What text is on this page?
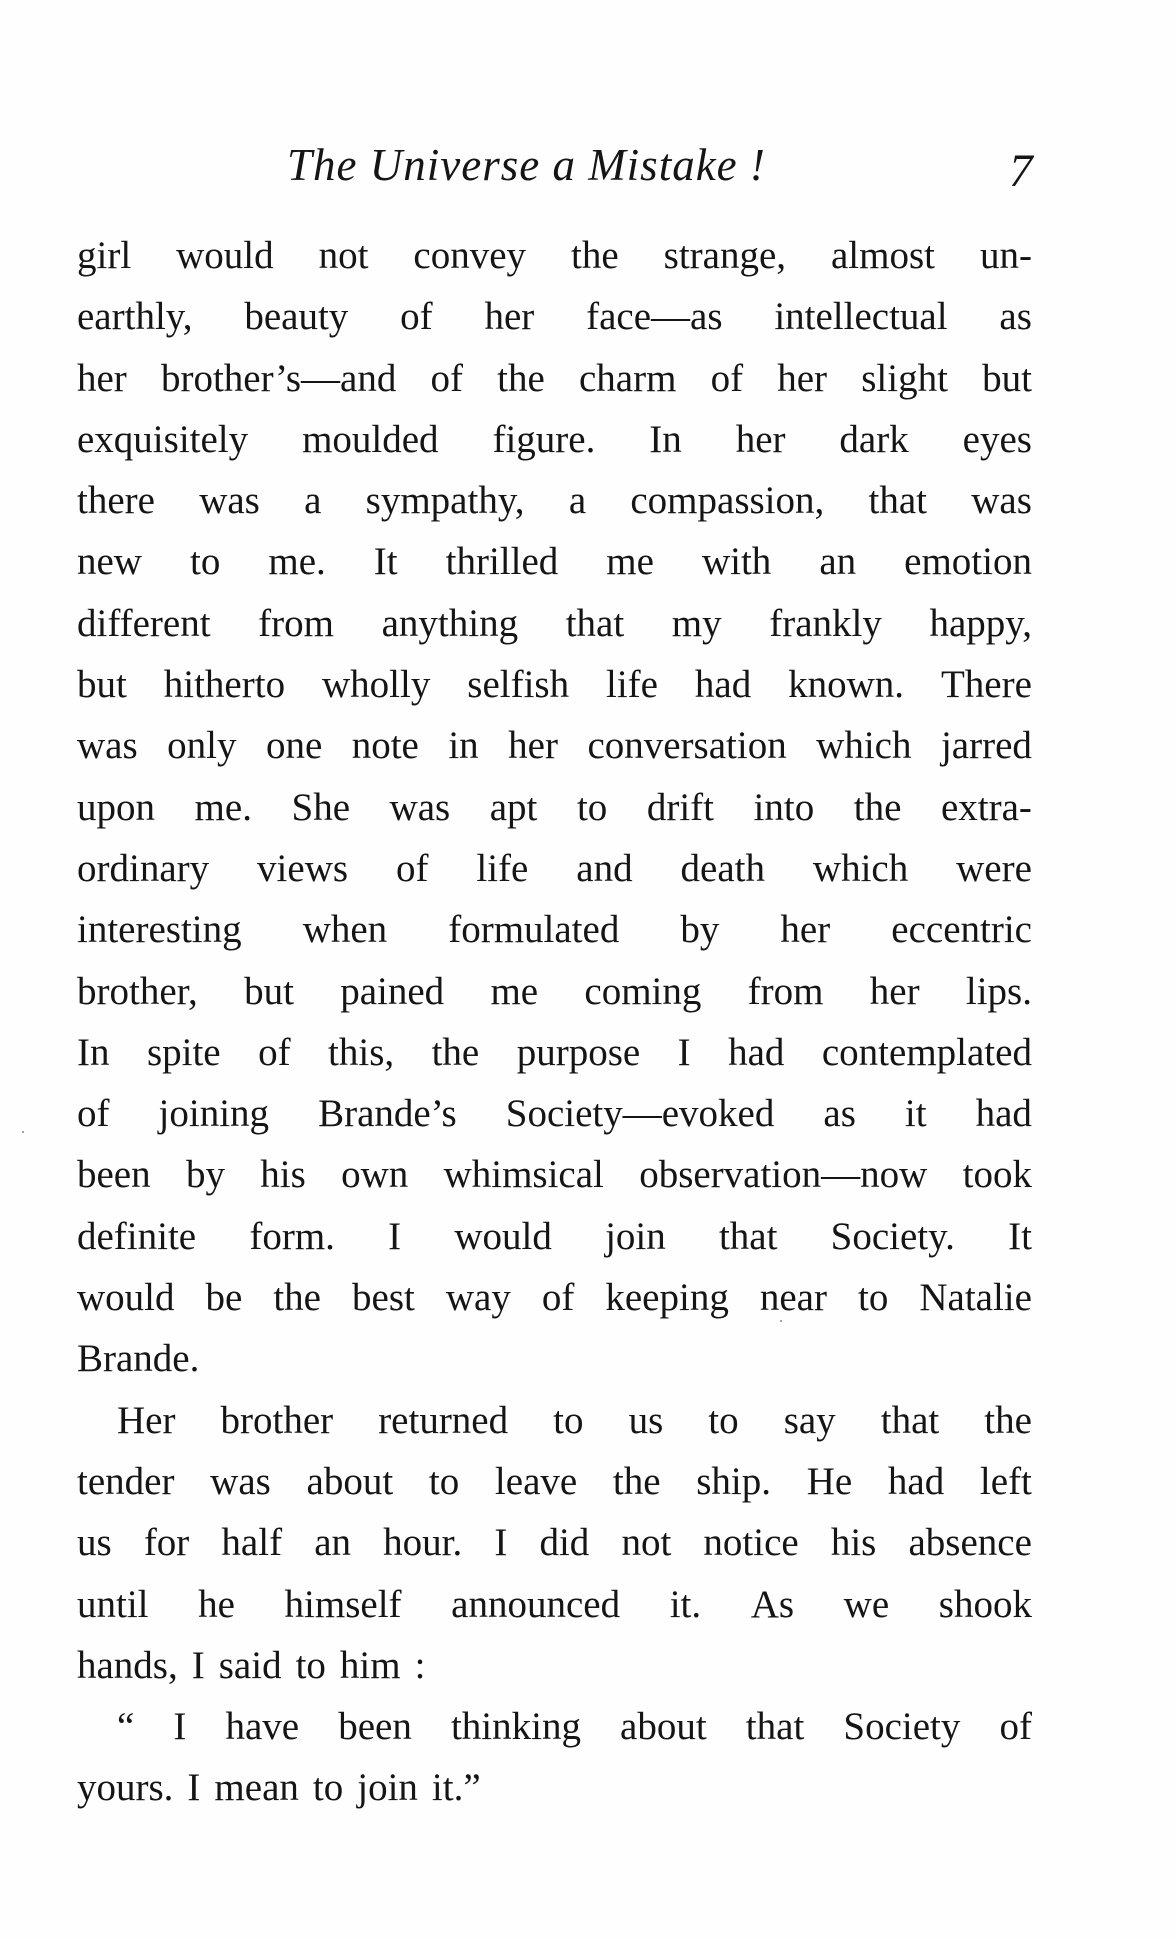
The Universe a Mistake !	7
girl would not convey the strange, almost un-
earthly, beauty of her face—as intellectual as
her brother’s—and of the charm of her slight but
exquisitely moulded figure. In her dark eyes
there was a sympathy, a compassion, that was
new to me. It thrilled me with an emotion
different from anything that my frankly happy,
but hitherto wholly selfish life had known. There
was only one note in her conversation which jarred
upon me. She was apt to drift into the extra-
ordinary views of life and death which were
interesting when formulated by her eccentric
brother, but pained me coming from her lips.
In spite of this, the purpose I had contemplated
of joining Brande’s Society—evoked as it had
been by his own whimsical observation—now took
definite form. I would join that Society. It
would be the best way of keeping near to Natalie
Brande.
Her brother returned to us to say that the
tender was about to leave the ship. He had left
us for half an hour. I did not notice his absence
until he himself announced it. As we shook
hands, I said to him :
“ I have been thinking about that Society of
yours. I mean to join it.”
